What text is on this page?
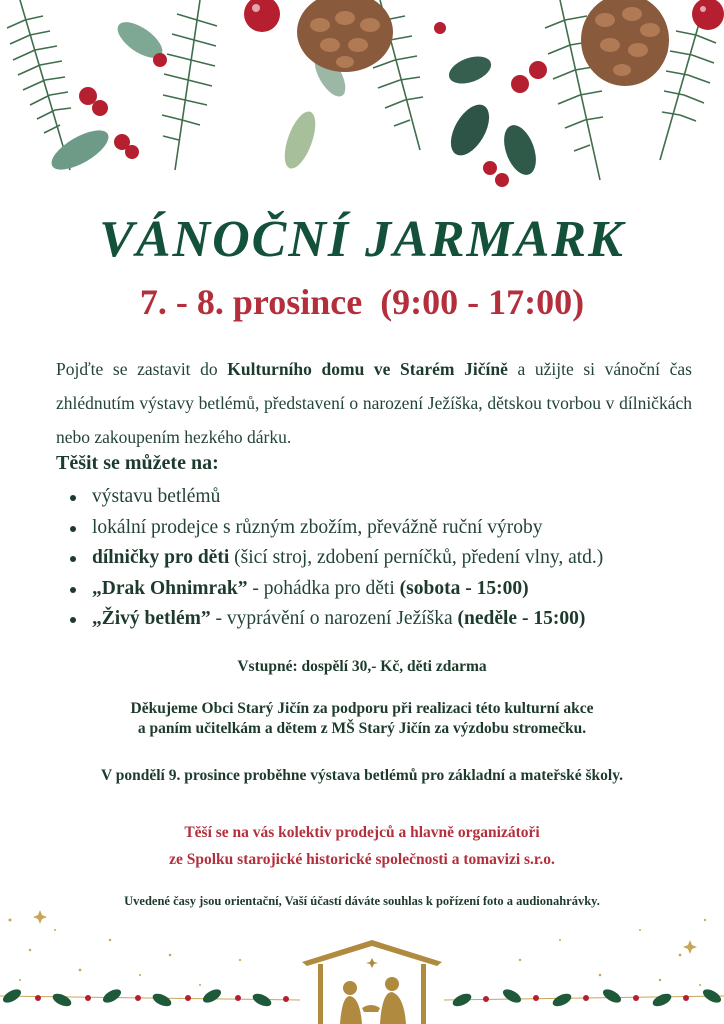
VÁNOČNÍ JARMARK
7. - 8. prosince (9:00 - 17:00)

Pojďte se zastavit do Kulturního domu ve Starém Jičíně a užijte si vánoční čas zhlédnutím výstavy betlémů, představení o narození Ježíška, dětskou tvorbou v dílničkách nebo zakoupením hezkého dárku.

Těšit se můžete na:
výstavu betlémů
lokální prodejce s různým zbožím, převážně ruční výroby
dílničky pro děti (šicí stroj, zdobení perníčků, předení vlny, atd.)
„Drak Ohnimrak” - pohádka pro děti (sobota - 15:00)
„Živý betlém” - vyprávění o narození Ježíška (neděle - 15:00)
Vstupné: dospělí 30,- Kč, děti zdarma
Děkujeme Obci Starý Jičín za podporu při realizaci této kulturní akce
a paním učitelkám a dětem z MŠ Starý Jičín za výzdobu stromečku.
V pondělí 9. prosince proběhne výstava betlémů pro základní a mateřské školy.
Těší se na vás kolektiv prodejců a hlavně organizátoři
ze Spolku starojické historické společnosti a tomavizi s.r.o.
Uvedené časy jsou orientační, Vaší účastí dáváte souhlas k pořízení foto a audionahrávky.
